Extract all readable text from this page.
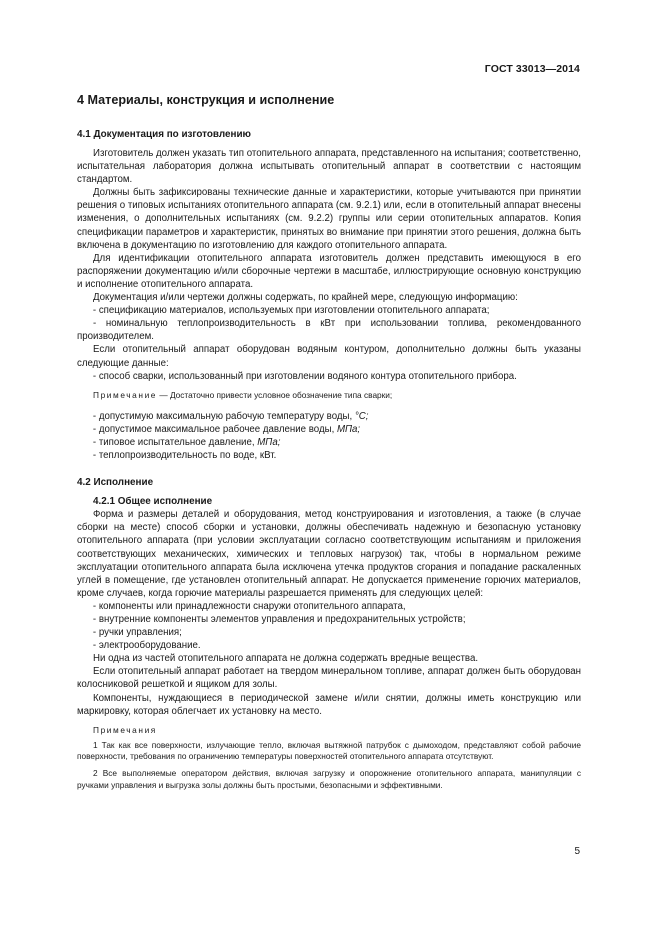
ГОСТ 33013—2014
4 Материалы, конструкция и исполнение
4.1 Документация по изготовлению

Изготовитель должен указать тип отопительного аппарата, представленного на испытания; соответственно, испытательная лаборатория должна испытывать отопительный аппарат в соответствии с настоящим стандартом.

Должны быть зафиксированы технические данные и характеристики, которые учитываются при принятии решения о типовых испытаниях отопительного аппарата (см. 9.2.1) или, если в отопительный аппарат внесены изменения, о дополнительных испытаниях (см. 9.2.2) группы или серии отопительных аппаратов. Копия спецификации параметров и характеристик, принятых во внимание при принятии этого решения, должна быть включена в документацию по изготовлению для каждого отопительного аппарата.

Для идентификации отопительного аппарата изготовитель должен представить имеющуюся в его распоряжении документацию и/или сборочные чертежи в масштабе, иллюстрирующие основную конструкцию и исполнение отопительного аппарата.

Документация и/или чертежи должны содержать, по крайней мере, следующую информацию:

- спецификацию материалов, используемых при изготовлении отопительного аппарата;

- номинальную теплопроизводительность в кВт при использовании топлива, рекомендованного производителем.

Если отопительный аппарат оборудован водяным контуром, дополнительно должны быть указаны следующие данные:

- способ сварки, использованный при изготовлении водяного контура отопительного прибора.

Примечание — Достаточно привести условное обозначение типа сварки;

- допустимую максимальную рабочую температуру воды, °С;

- допустимое максимальное рабочее давление воды, МПа;

- типовое испытательное давление, МПа;

- теплопроизводительность по воде, кВт.

4.2 Исполнение
4.2.1 Общее исполнение

Форма и размеры деталей и оборудования, метод конструирования и изготовления, а также (в случае сборки на месте) способ сборки и установки, должны обеспечивать надежную и безопасную установку отопительного аппарата (при условии эксплуатации согласно соответствующим испытаниям и приложения соответствующих механических, химических и тепловых нагрузок) так, чтобы в нормальном режиме эксплуатации отопительного аппарата была исключена утечка продуктов сгорания и попадание раскаленных углей в помещение, где установлен отопительный аппарат. Не допускается применение горючих материалов, кроме случаев, когда горючие материалы разрешается применять для следующих целей:

- компоненты или принадлежности снаружи отопительного аппарата,

- внутренние компоненты элементов управления и предохранительных устройств;

- ручки управления;

- электрооборудование.

Ни одна из частей отопительного аппарата не должна содержать вредные вещества.

Если отопительный аппарат работает на твердом минеральном топливе, аппарат должен быть оборудован колосниковой решеткой и ящиком для золы.

Компоненты, нуждающиеся в периодической замене и/или снятии, должны иметь конструкцию или маркировку, которая облегчает их установку на место.

Примечания

1 Так как все поверхности, излучающие тепло, включая вытяжной патрубок с дымоходом, представляют собой рабочие поверхности, требования по ограничению температуры поверхностей отопительного аппарата отсутствуют.

2 Все выполняемые оператором действия, включая загрузку и опорожнение отопительного аппарата, манипуляции с ручками управления и выгрузка золы должны быть простыми, безопасными и эффективными.

5
